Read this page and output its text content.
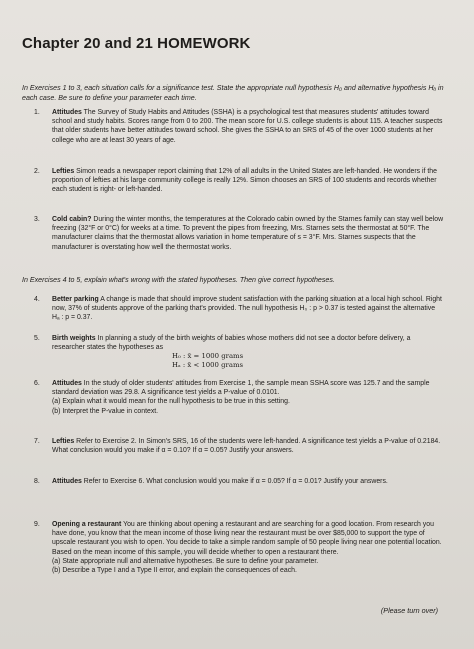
Chapter 20 and 21 HOMEWORK
In Exercises 1 to 3, each situation calls for a significance test. State the appropriate null hypothesis H₀ and alternative hypothesis Hₐ in each case. Be sure to define your parameter each time.
1. Attitudes The Survey of Study Habits and Attitudes (SSHA) is a psychological test that measures students' attitudes toward school and study habits. Scores range from 0 to 200. The mean score for U.S. college students is about 115. A teacher suspects that older students have better attitudes toward school. She gives the SSHA to an SRS of 45 of the over 1000 students at her college who are at least 30 years of age.
2. Lefties Simon reads a newspaper report claiming that 12% of all adults in the United States are left-handed. He wonders if the proportion of lefties at his large community college is really 12%. Simon chooses an SRS of 100 students and records whether each student is right- or left-handed.
3. Cold cabin? During the winter months, the temperatures at the Colorado cabin owned by the Starnes family can stay well below freezing (32°F or 0°C) for weeks at a time. To prevent the pipes from freezing, Mrs. Starnes sets the thermostat at 50°F. The manufacturer claims that the thermostat allows variation in home temperature of s = 3°F. Mrs. Starnes suspects that the manufacturer is overstating how well the thermostat works.
In Exercises 4 to 5, explain what's wrong with the stated hypotheses. Then give correct hypotheses.
4. Better parking A change is made that should improve student satisfaction with the parking situation at a local high school. Right now, 37% of students approve of the parking that's provided. The null hypothesis H₀ : p > 0.37 is tested against the alternative Hₐ : p = 0.37.
5. Birth weights In planning a study of the birth weights of babies whose mothers did not see a doctor before delivery, a researcher states the hypotheses as
H₀ : x̄ = 1000 grams
Hₐ : x̄ < 1000 grams
6. Attitudes In the study of older students' attitudes from Exercise 1, the sample mean SSHA score was 125.7 and the sample standard deviation was 29.8. A significance test yields a P-value of 0.0101.
(a) Explain what it would mean for the null hypothesis to be true in this setting.
(b) Interpret the P-value in context.
7. Lefties Refer to Exercise 2. In Simon's SRS, 16 of the students were left-handed. A significance test yields a P-value of 0.2184. What conclusion would you make if α = 0.10? If α = 0.05? Justify your answers.
8. Attitudes Refer to Exercise 6. What conclusion would you make if α = 0.05? If α = 0.01? Justify your answers.
9. Opening a restaurant You are thinking about opening a restaurant and are searching for a good location. From research you have done, you know that the mean income of those living near the restaurant must be over $85,000 to support the type of upscale restaurant you wish to open. You decide to take a simple random sample of 50 people living near one potential location. Based on the mean income of this sample, you will decide whether to open a restaurant there.
(a) State appropriate null and alternative hypotheses. Be sure to define your parameter.
(b) Describe a Type I and a Type II error, and explain the consequences of each.
(Please turn over)
